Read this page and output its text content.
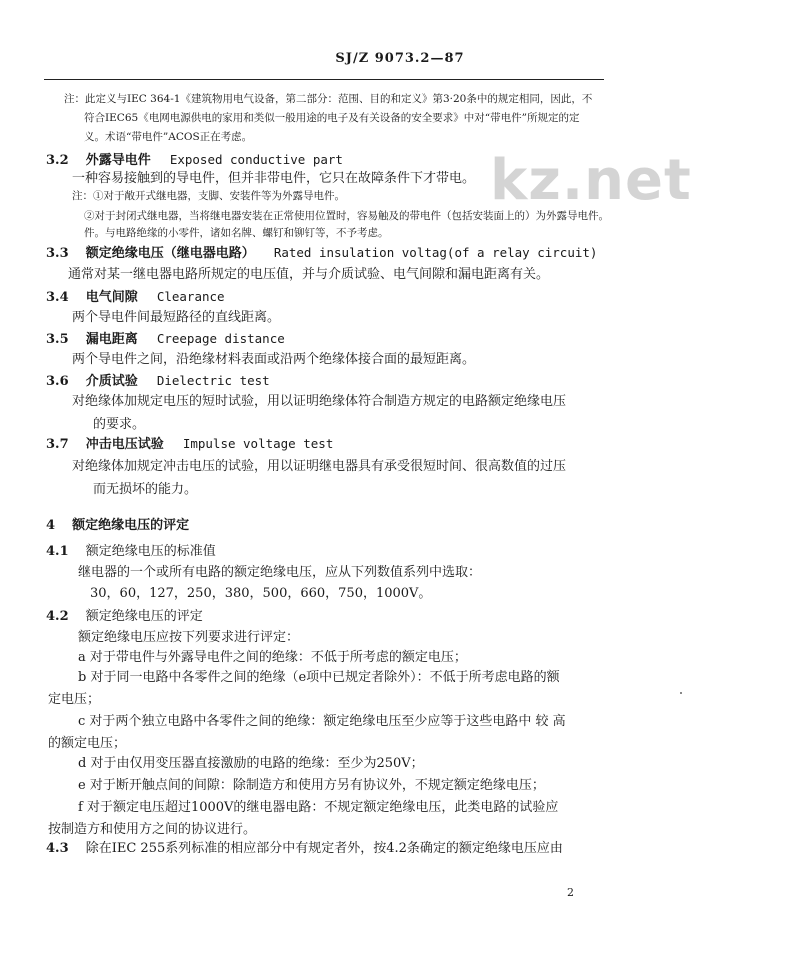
SJ/Z 9073.2—87
kz.net
注：此定义与IEC 364-1《建筑物用电气设备，第二部分：范围、目的和定义》第3·20条中的规定相同，因此，不
符合IEC65《电网电源供电的家用和类似一般用途的电子及有关设备的安全要求》中对“带电件”所规定的定
义。术语“带电件”ACOS正在考虑。
3.2 外露导电件 Exposed conductive part
一种容易接触到的导电件，但并非带电件，它只在故障条件下才带电。
注：①对于敞开式继电器，支脚、安装件等为外露导电件。
②对于封闭式继电器，当将继电器安装在正常使用位置时，容易触及的带电件（包括安装面上的）为外露导电件。
件。与电路绝缘的小零件，诸如名牌、螺钉和铆钉等，不予考虑。
3.3 额定绝缘电压（继电器电路） Rated insulation voltag(of a relay circuit)
通常对某一继电器电路所规定的电压值，并与介质试验、电气间隙和漏电距离有关。
3.4 电气间隙 Clearance
两个导电件间最短路径的直线距离。
3.5 漏电距离 Creepage distance
两个导电件之间，沿绝缘材料表面或沿两个绝缘体接合面的最短距离。
3.6 介质试验 Dielectric test
对绝缘体加规定电压的短时试验，用以证明绝缘体符合制造方规定的电路额定绝缘电压
的要求。
3.7 冲击电压试验 Impulse voltage test
对绝缘体加规定冲击电压的试验，用以证明继电器具有承受很短时间、很高数值的过压
而无损坏的能力。
4 额定绝缘电压的评定
4.1 额定绝缘电压的标准值
继电器的一个或所有电路的额定绝缘电压，应从下列数值系列中选取：
30，60，127，250，380，500，660，750，1000V。
4.2 额定绝缘电压的评定
额定绝缘电压应按下列要求进行评定：
a 对于带电件与外露导电件之间的绝缘：不低于所考虑的额定电压；
b 对于同一电路中各零件之间的绝缘（e项中已规定者除外）：不低于所考虑电路的额
定电压；
c 对于两个独立电路中各零件之间的绝缘：额定绝缘电压至少应等于这些电路中 较 高
的额定电压；
d 对于由仅用变压器直接激励的电路的绝缘：至少为250V；
e 对于断开触点间的间隙：除制造方和使用方另有协议外，不规定额定绝缘电压；
f 对于额定电压超过1000V的继电器电路：不规定额定绝缘电压，此类电路的试验应
按制造方和使用方之间的协议进行。
4.3 除在IEC 255系列标准的相应部分中有规定者外，按4.2条确定的额定绝缘电压应由
2
